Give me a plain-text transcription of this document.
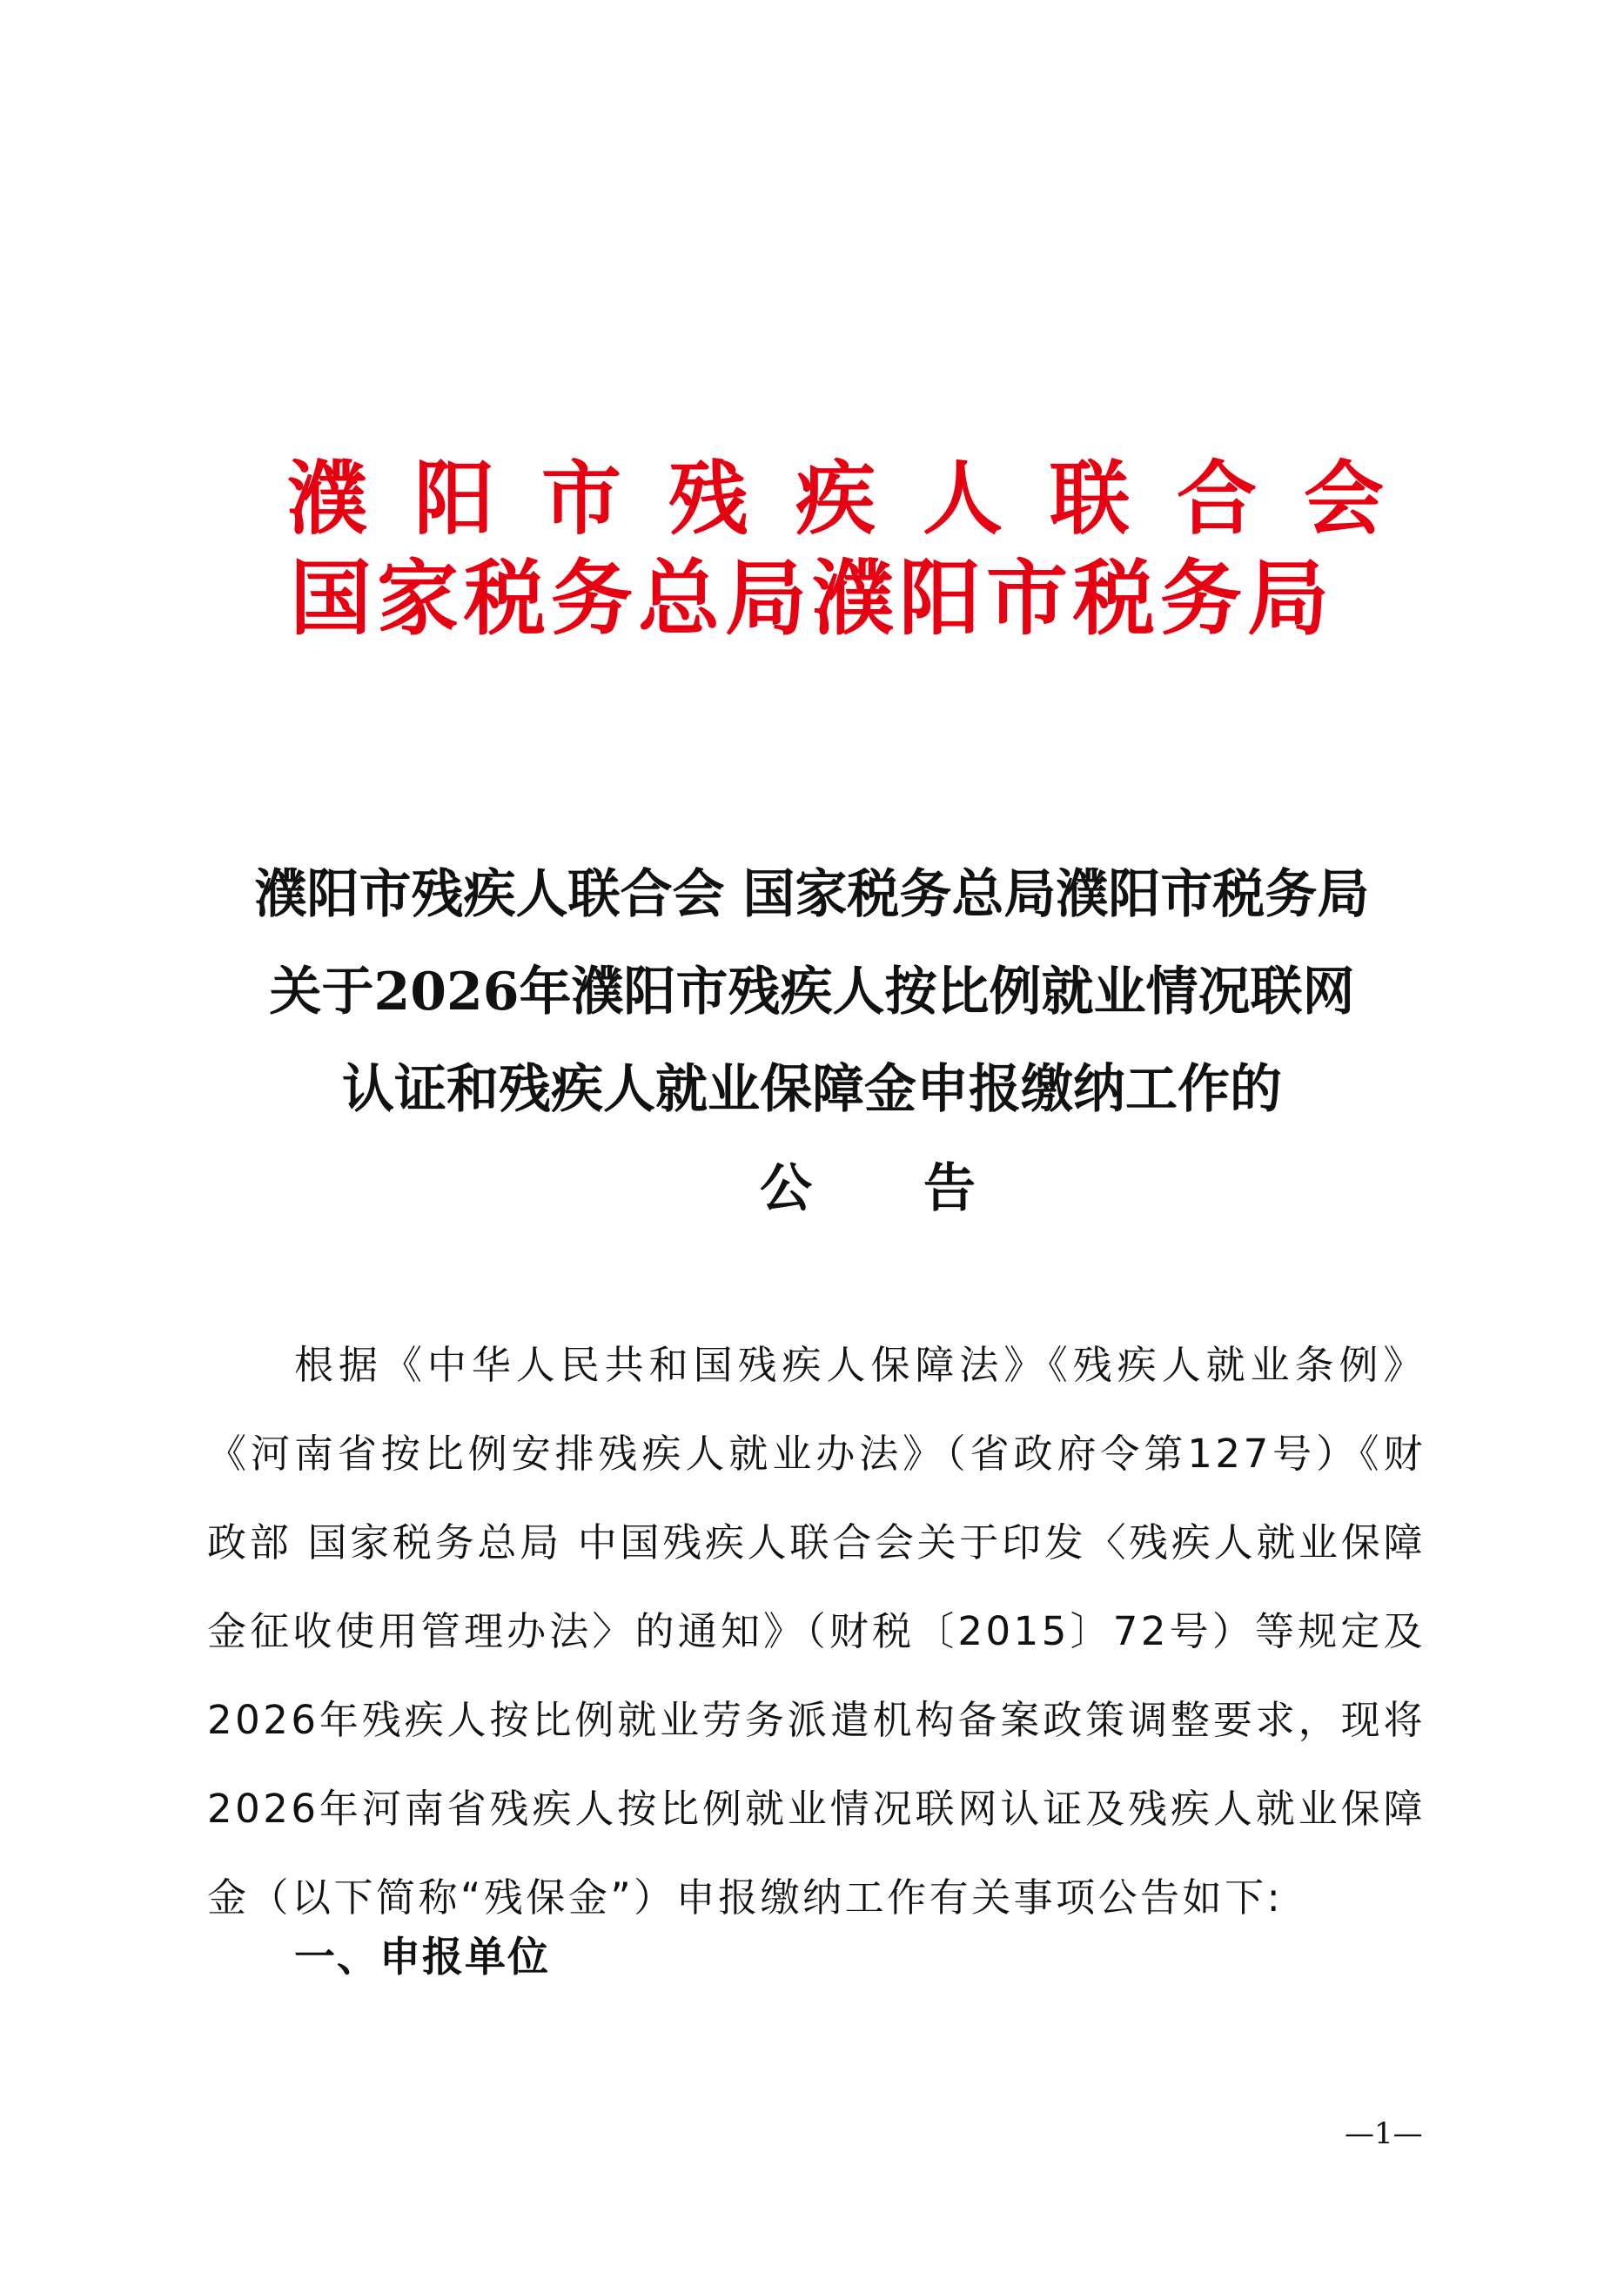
濮阳市残疾人联合会
国家税务总局濮阳市税务局
濮阳市残疾人联合会 国家税务总局濮阳市税务局
关于2026年濮阳市残疾人按比例就业情况联网
认证和残疾人就业保障金申报缴纳工作的
公告

根据《中华人民共和国残疾人保障法》《残疾人就业条例》《河南省按比例安排残疾人就业办法》（省政府令第127号）《财政部 国家税务总局 中国残疾人联合会关于印发〈残疾人就业保障金征收使用管理办法〉的通知》（财税〔2015〕72号）等规定及2026年残疾人按比例就业劳务派遣机构备案政策调整要求，现将2026年河南省残疾人按比例就业情况联网认证及残疾人就业保障金（以下简称“残保金”）申报缴纳工作有关事项公告如下:

一、申报单位
—1—
